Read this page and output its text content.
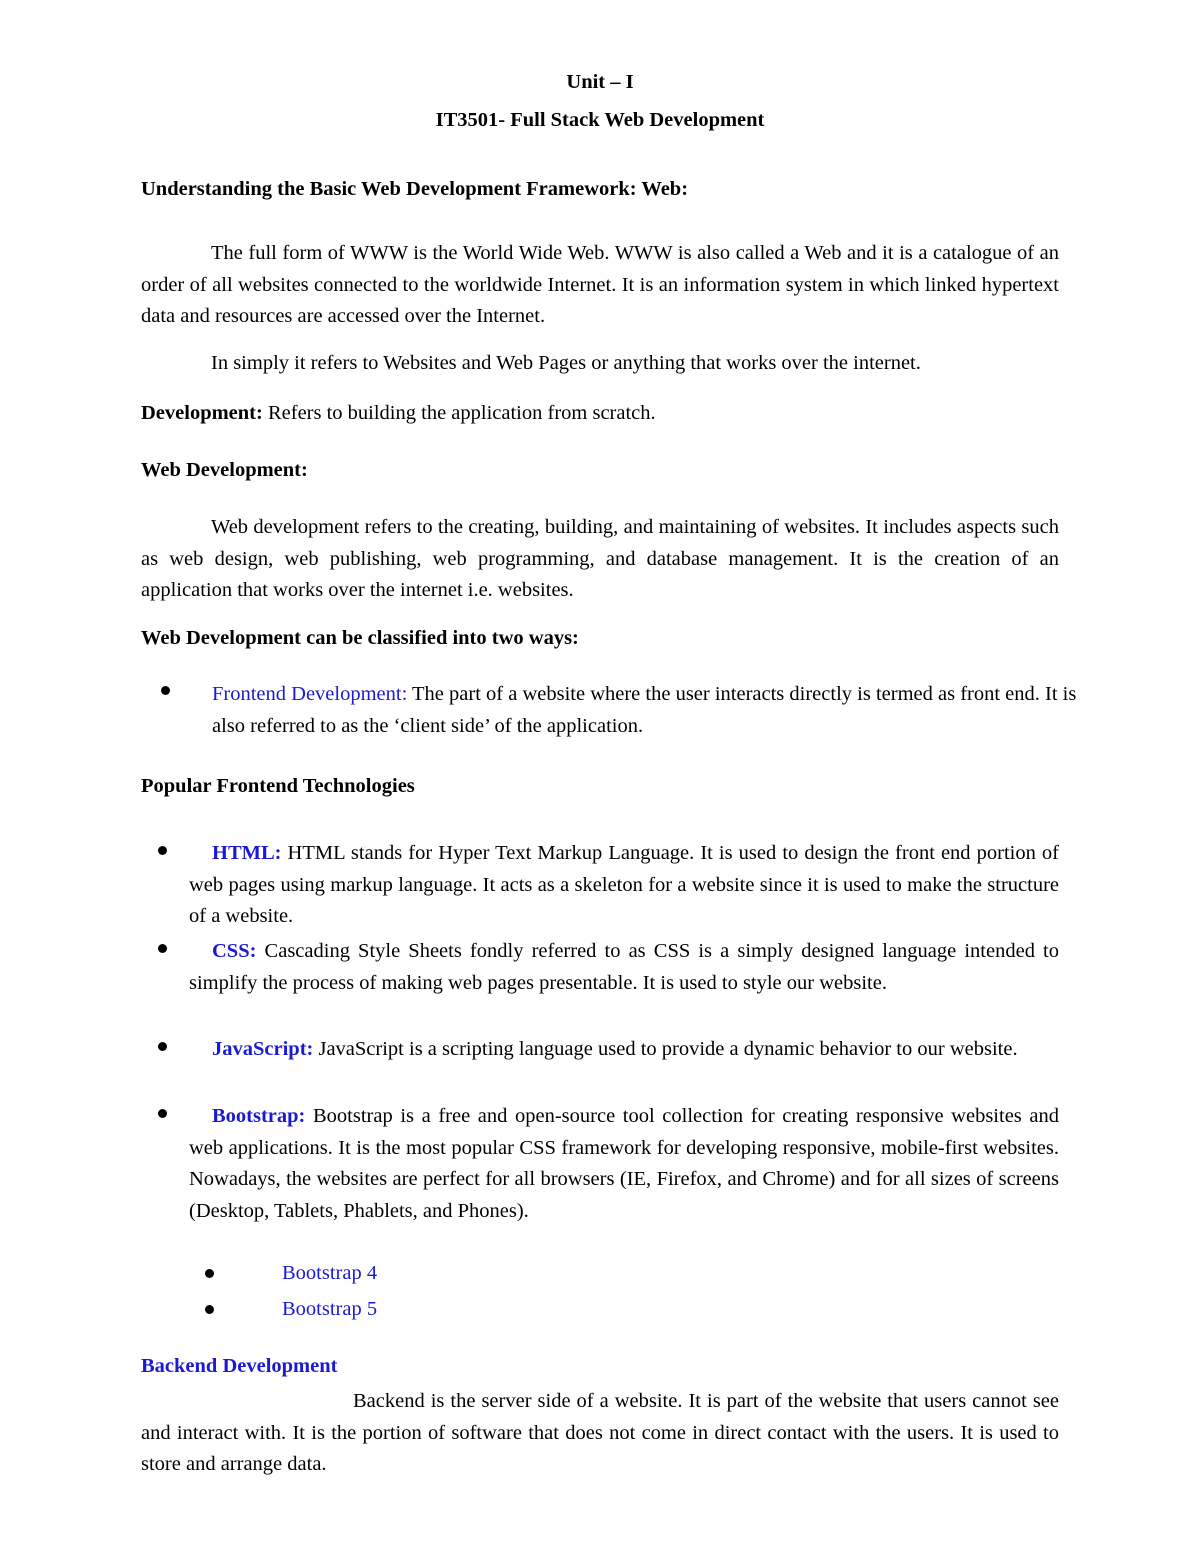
Unit – I

IT3501- Full Stack Web Development

Understanding the Basic Web Development Framework: Web:

The full form of WWW is the World Wide Web. WWW is also called a Web and it is a catalogue of an order of all websites connected to the worldwide Internet. It is an information system in which linked hypertext data and resources are accessed over the Internet.

In simply it refers to Websites and Web Pages or anything that works over the internet.

Development: Refers to building the application from scratch.

Web Development:

Web development refers to the creating, building, and maintaining of websites. It includes aspects such as web design, web publishing, web programming, and database management. It is the creation of an application that works over the internet i.e. websites.

Web Development can be classified into two ways:

Frontend Development: The part of a website where the user interacts directly is termed as front end. It is also referred to as the ‘client side’ of the application.

Popular Frontend Technologies

HTML: HTML stands for Hyper Text Markup Language. It is used to design the front end portion of web pages using markup language. It acts as a skeleton for a website since it is used to make the structure of a website.

CSS: Cascading Style Sheets fondly referred to as CSS is a simply designed language intended to simplify the process of making web pages presentable. It is used to style our website.

JavaScript: JavaScript is a scripting language used to provide a dynamic behavior to our website.

Bootstrap: Bootstrap is a free and open-source tool collection for creating responsive websites and web applications. It is the most popular CSS framework for developing responsive, mobile-first websites. Nowadays, the websites are perfect for all browsers (IE, Firefox, and Chrome) and for all sizes of screens (Desktop, Tablets, Phablets, and Phones).

Bootstrap 4

Bootstrap 5

Backend Development

Backend is the server side of a website. It is part of the website that users cannot see and interact with. It is the portion of software that does not come in direct contact with the users. It is used to store and arrange data.
